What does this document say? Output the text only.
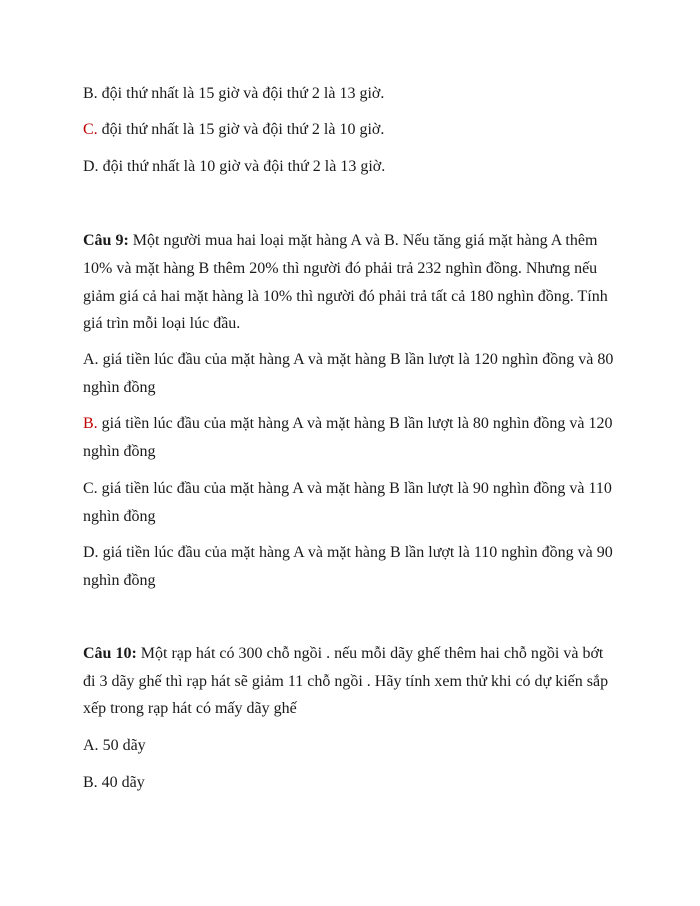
B. đội thứ nhất là 15 giờ và đội thứ 2 là 13 giờ.
C. đội thứ nhất là 15 giờ và đội thứ 2 là 10 giờ.
D. đội thứ nhất là 10 giờ và đội thứ 2 là 13 giờ.
Câu 9: Một người mua hai loại mặt hàng A và B. Nếu tăng giá mặt hàng A thêm
10% và mặt hàng B thêm 20% thì người đó phải trả 232 nghìn đồng. Nhưng nếu
giảm giá cả hai mặt hàng là 10% thì người đó phải trả tất cả 180 nghìn đồng. Tính
giá trìn mỗi loại lúc đầu.
A. giá tiền lúc đầu của mặt hàng A và mặt hàng B lần lượt là 120 nghìn đồng và 80
nghìn đồng
B. giá tiền lúc đầu của mặt hàng A và mặt hàng B lần lượt là 80 nghìn đồng và 120
nghìn đồng
C. giá tiền lúc đầu của mặt hàng A và mặt hàng B lần lượt là 90 nghìn đồng và 110
nghìn đồng
D. giá tiền lúc đầu của mặt hàng A và mặt hàng B lần lượt là 110 nghìn đồng và 90
nghìn đồng
Câu 10: Một rạp hát có 300 chỗ ngồi . nếu mỗi dãy ghế thêm hai chỗ ngồi và bớt
đi 3 dãy ghế thì rạp hát sẽ giảm 11 chỗ ngồi . Hãy tính xem thử khi có dự kiến sắp
xếp trong rạp hát có mấy dãy ghế
A. 50 dãy
B. 40 dãy
